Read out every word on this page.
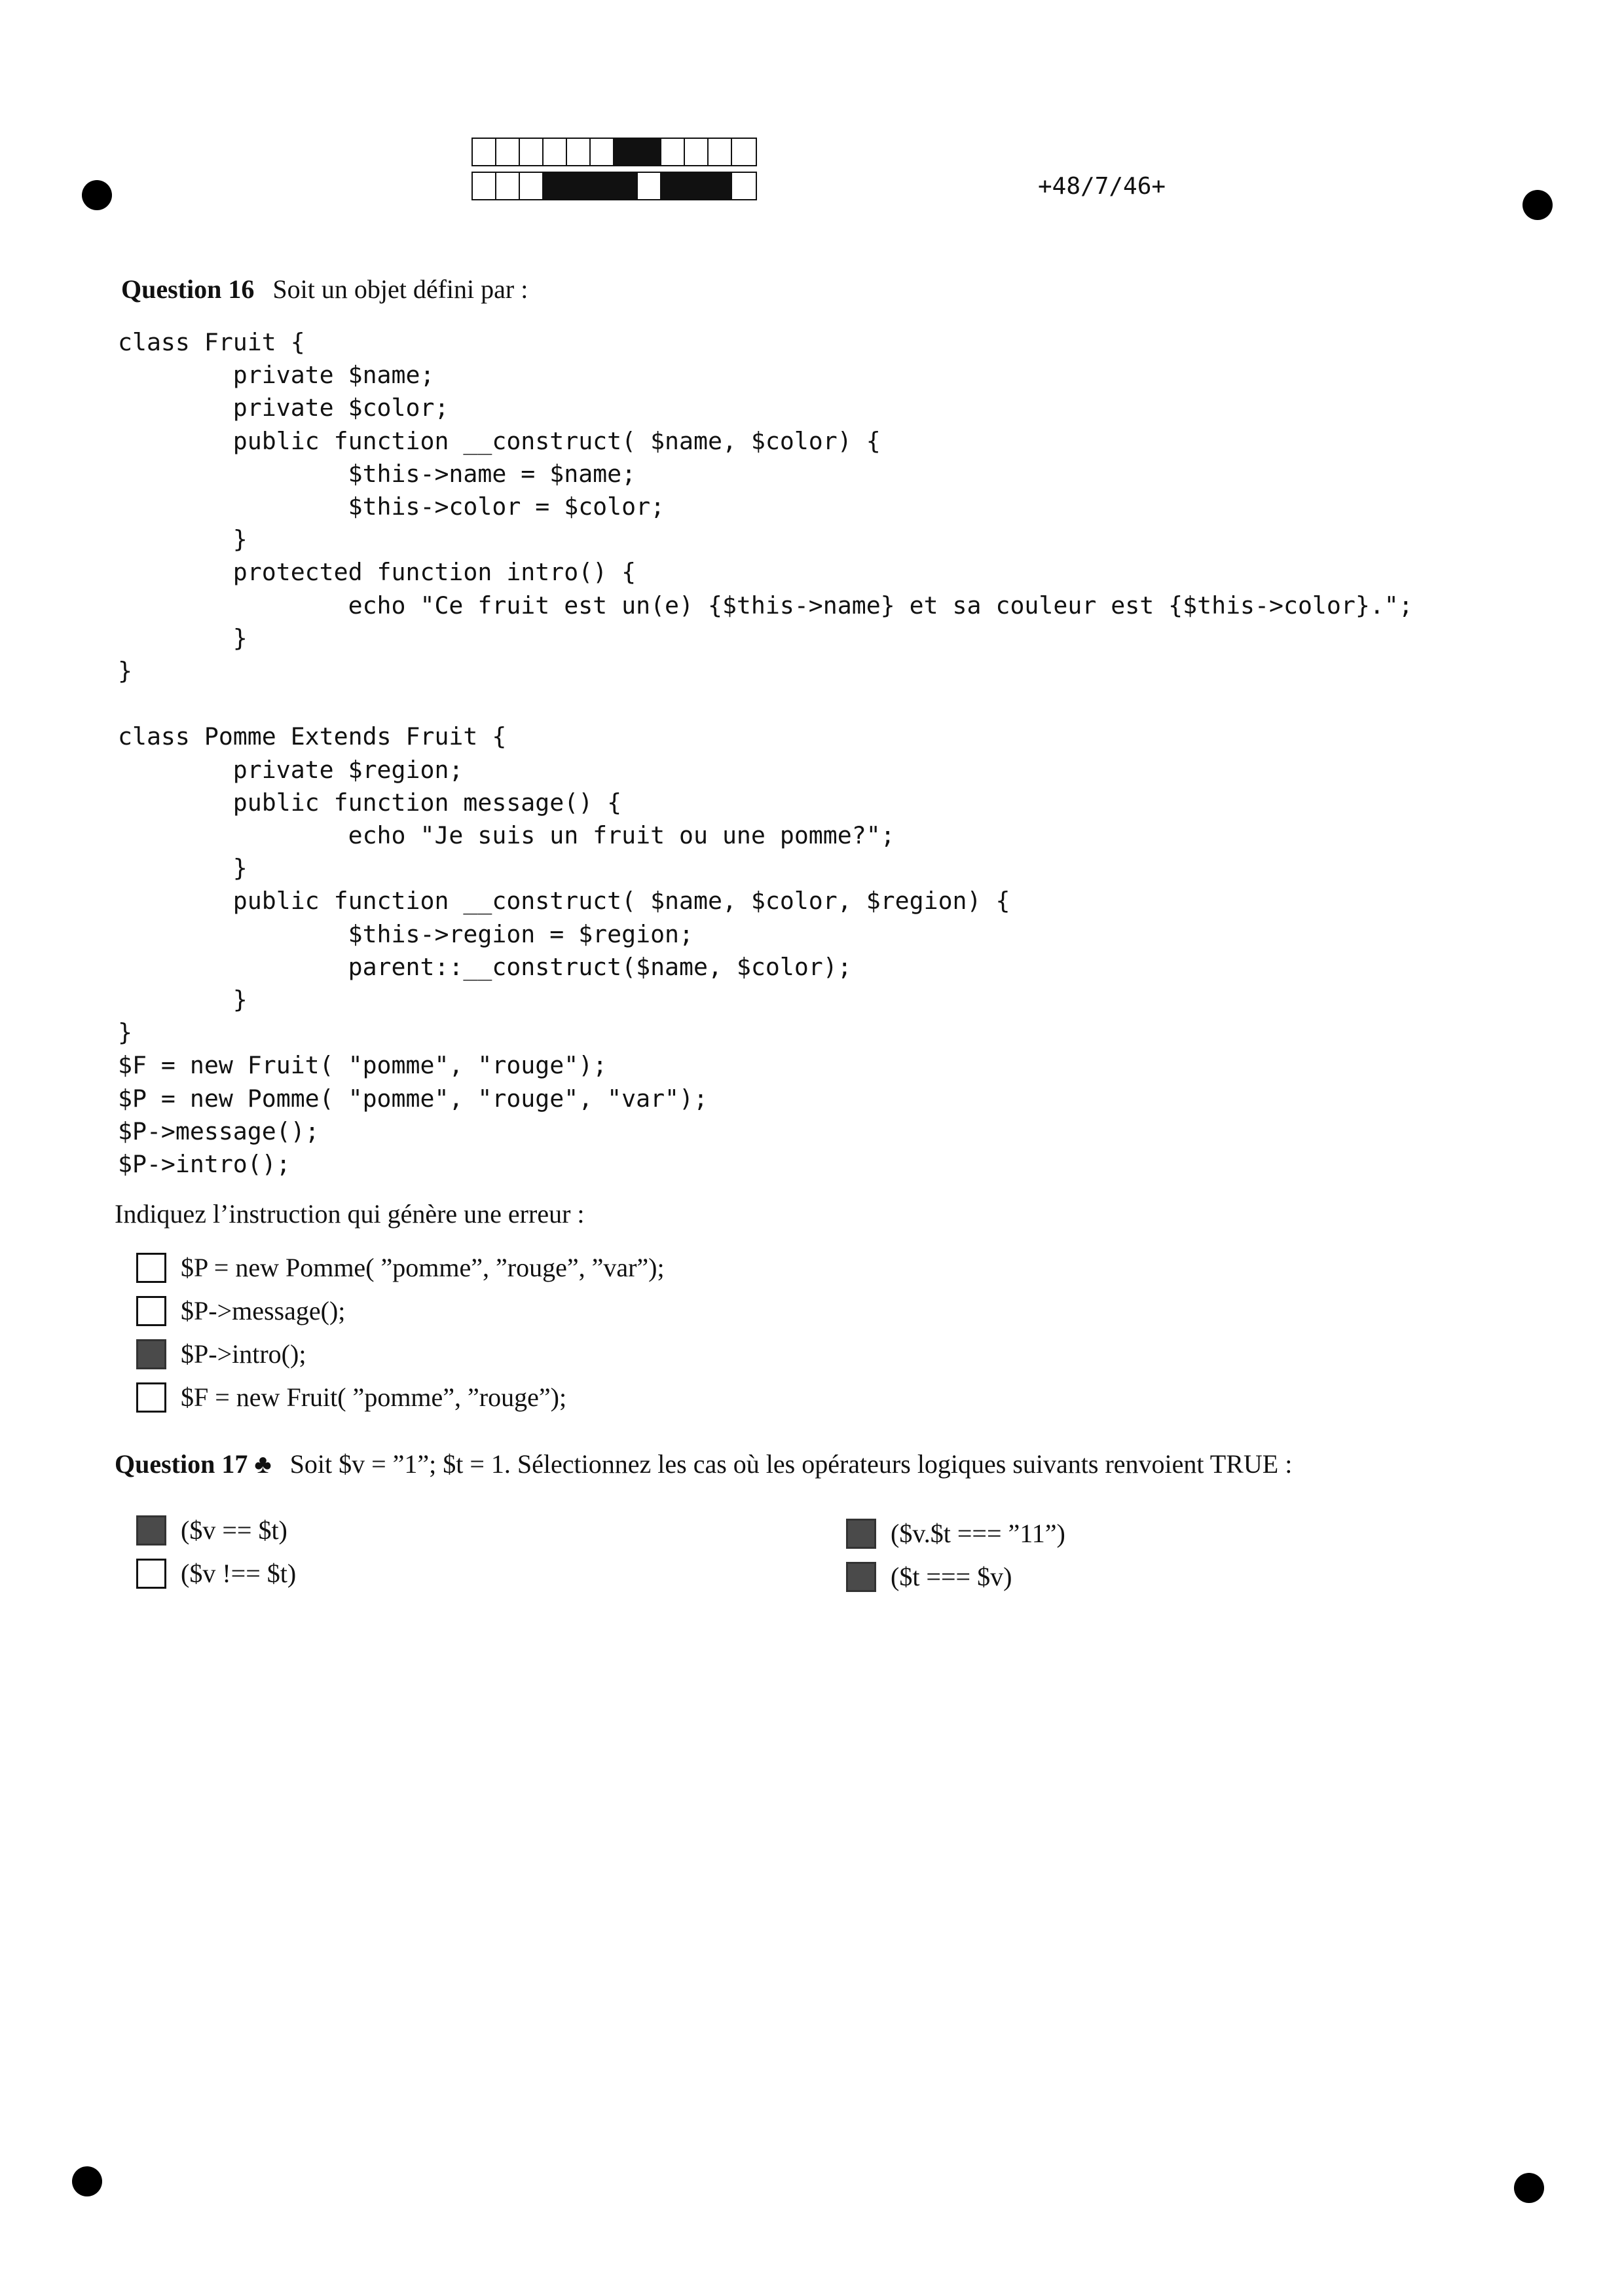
+48/7/46+
Question 16 Soit un objet défini par :
class Fruit {
private $name;
private $color;
public function __construct( $name, $color) {
$this->name = $name;
$this->color = $color;
}
protected function intro() {
echo "Ce fruit est un(e) {$this->name} et sa couleur est {$this->color}.";
}
}

class Pomme Extends Fruit {
private $region;
public function message() {
echo "Je suis un fruit ou une pomme?";
}
public function __construct( $name, $color, $region) {
$this->region = $region;
parent::__construct($name, $color);
}
}
$F = new Fruit( "pomme", "rouge");
$P = new Pomme( "pomme", "rouge", "var");
$P->message();
$P->intro();

Indiquez l’instruction qui génère une erreur :
$P = new Pomme( ”pomme”, ”rouge”, ”var”);
$P->message();
$P->intro();
$F = new Fruit( ”pomme”, ”rouge”);
Question 17 ♣ Soit $v = ”1”; $t = 1. Sélectionnez les cas où les opérateurs logiques suivants renvoient TRUE :
($v == $t)
($v !== $t)
($v.$t === ”11”)
($t === $v)
